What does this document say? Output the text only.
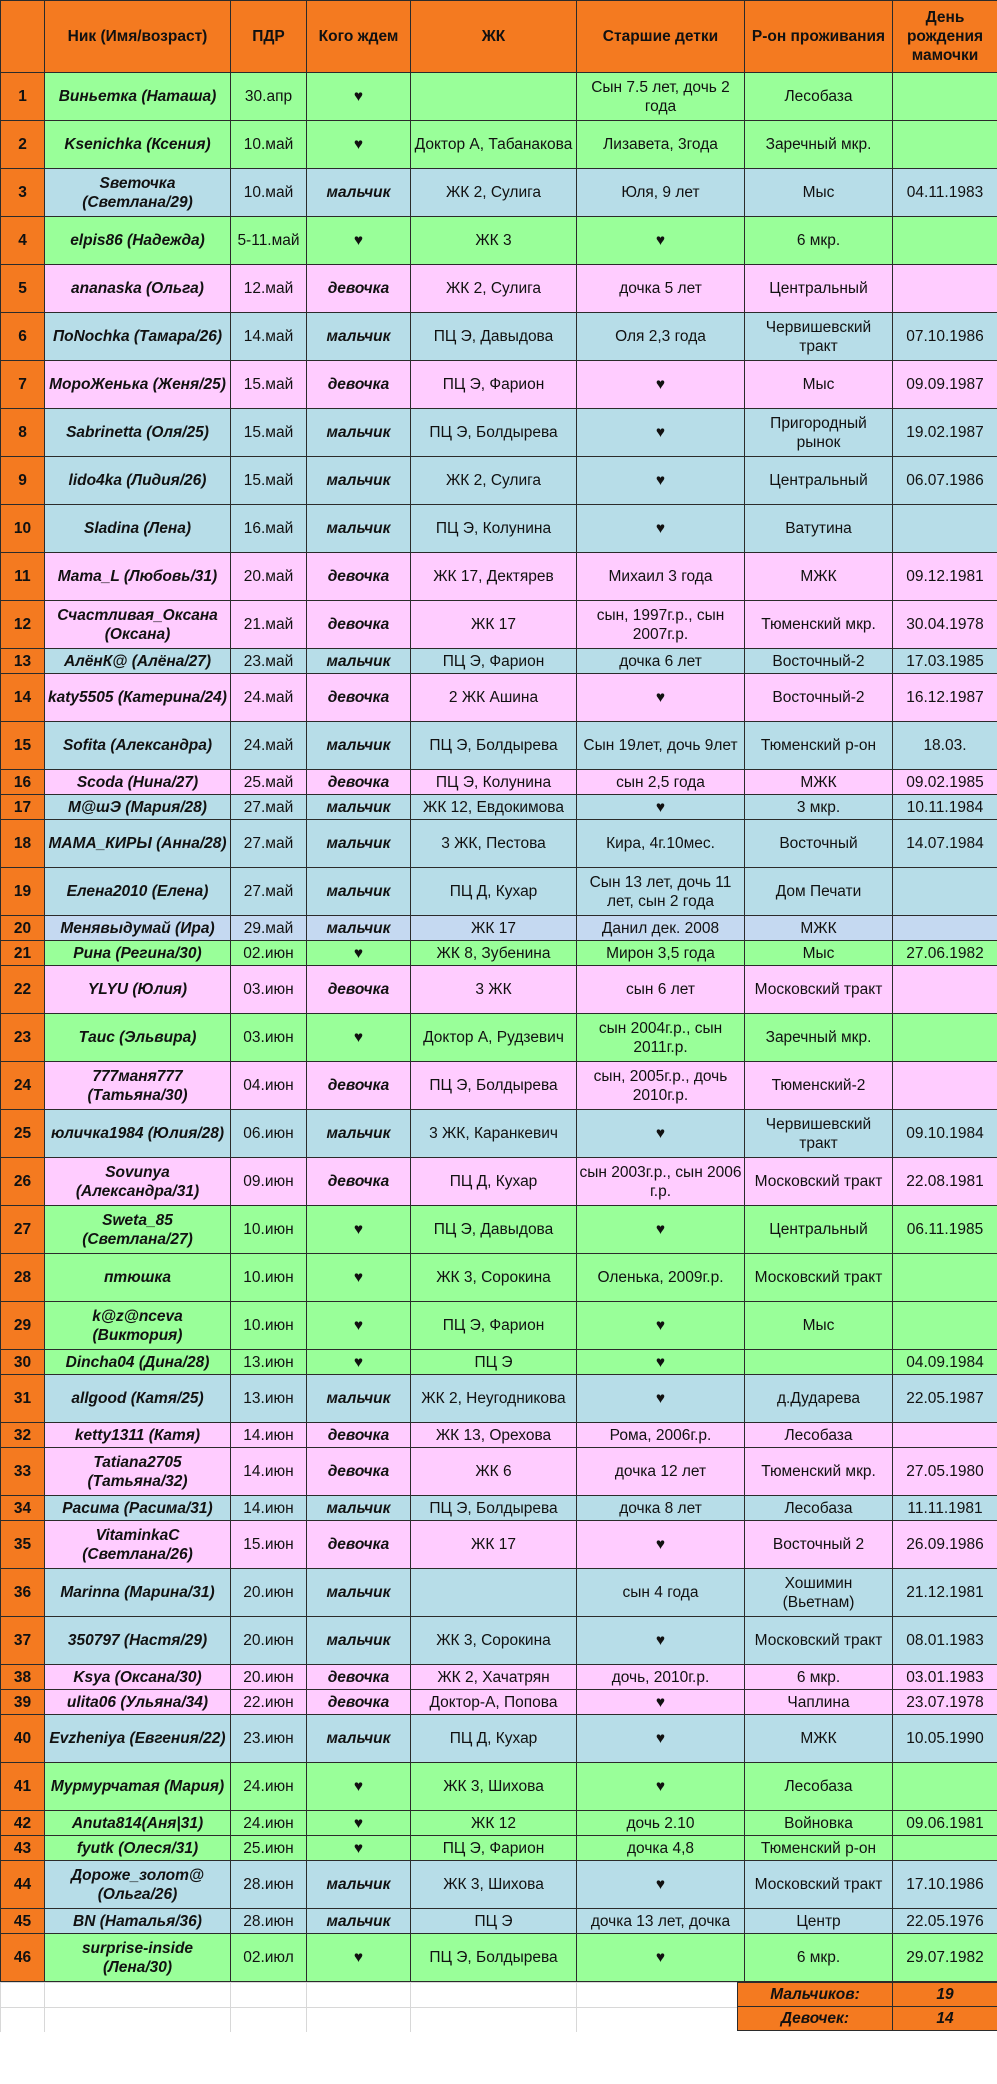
	Ник (Имя/возраст)	ПДР	Кого ждем	ЖК	Старшие детки	Р-он проживания	День рождения мамочки
1	Виньетка (Наташа)	30.апр	♥		Сын 7.5 лет, дочь 2 года	Лесобаза	
2	Ksenichka (Ксения)	10.май	♥	Доктор А, Табанакова	Лизавета, 3года	Заречный мкр.	
3	Sветочка (Светлана/29)	10.май	мальчик	ЖК 2, Сулига	Юля, 9 лет	Мыс	04.11.1983
4	elpis86 (Надежда)	5-11.май	♥	ЖК 3	♥	6 мкр.	
5	ananaska (Ольга)	12.май	девочка	ЖК 2, Сулига	дочка 5 лет	Центральный	
6	ПоNochka (Тамара/26)	14.май	мальчик	ПЦ Э, Давыдова	Оля 2,3 года	Червишевский тракт	07.10.1986
7	МороЖенька (Женя/25)	15.май	девочка	ПЦ Э, Фарион	♥	Мыс	09.09.1987
8	Sabrinetta (Оля/25)	15.май	мальчик	ПЦ Э, Болдырева	♥	Пригородный рынок	19.02.1987
9	lido4ka (Лидия/26)	15.май	мальчик	ЖК 2, Сулига	♥	Центральный	06.07.1986
10	Sladina (Лена)	16.май	мальчик	ПЦ Э, Колунина	♥	Ватутина	
11	Mama_L (Любовь/31)	20.май	девочка	ЖК 17, Дектярев	Михаил 3 года	МЖК	09.12.1981
12	Счастливая_Оксана (Оксана)	21.май	девочка	ЖК 17	сын, 1997г.р., сын 2007г.р.	Тюменский мкр.	30.04.1978
13	АлёнК@ (Алёна/27)	23.май	мальчик	ПЦ Э, Фарион	дочка 6 лет	Восточный-2	17.03.1985
14	katy5505 (Катерина/24)	24.май	девочка	2 ЖК Ашина	♥	Восточный-2	16.12.1987
15	Sofita (Александра)	24.май	мальчик	ПЦ Э, Болдырева	Сын 19лет, дочь 9лет	Тюменский р-он	18.03.
16	Scoda (Нина/27)	25.май	девочка	ПЦ Э, Колунина	сын 2,5 года	МЖК	09.02.1985
17	М@шЭ (Мария/28)	27.май	мальчик	ЖК 12, Евдокимова	♥	3 мкр.	10.11.1984
18	МАМА_КИРЫ (Анна/28)	27.май	мальчик	3 ЖК, Пестова	Кира, 4г.10мес.	Восточный	14.07.1984
19	Елена2010 (Елена)	27.май	мальчик	ПЦ Д, Кухар	Сын 13 лет, дочь 11 лет, сын 2 года	Дом Печати	
20	Менявыдумай (Ира)	29.май	мальчик	ЖК 17	Данил дек. 2008	МЖК	
21	Рина (Регина/30)	02.июн	♥	ЖК 8, Зубенина	Мирон 3,5 года	Мыс	27.06.1982
22	YLYU (Юлия)	03.июн	девочка	3 ЖК	сын 6 лет	Московский тракт	
23	Таис (Эльвира)	03.июн	♥	Доктор А, Рудзевич	сын 2004г.р., сын 2011г.р.	Заречный мкр.	
24	777маня777 (Татьяна/30)	04.июн	девочка	ПЦ Э, Болдырева	сын, 2005г.р., дочь 2010г.р.	Тюменский-2	
25	юличка1984 (Юлия/28)	06.июн	мальчик	3 ЖК, Каранкевич	♥	Червишевский тракт	09.10.1984
26	Sovunya (Александра/31)	09.июн	девочка	ПЦ Д, Кухар	сын 2003г.р., сын 2006 г.р.	Московский тракт	22.08.1981
27	Sweta_85 (Светлана/27)	10.июн	♥	ПЦ Э, Давыдова	♥	Центральный	06.11.1985
28	птюшка	10.июн	♥	ЖК 3, Сорокина	Оленька, 2009г.р.	Московский тракт	
29	k@z@nceva (Виктория)	10.июн	♥	ПЦ Э, Фарион	♥	Мыс	
30	Dincha04 (Дина/28)	13.июн	♥	ПЦ Э	♥		04.09.1984
31	allgood (Катя/25)	13.июн	мальчик	ЖК 2, Неугодникова	♥	д.Дударева	22.05.1987
32	ketty1311 (Катя)	14.июн	девочка	ЖК 13, Орехова	Рома, 2006г.р.	Лесобаза	
33	Tatiana2705 (Татьяна/32)	14.июн	девочка	ЖК 6	дочка 12 лет	Тюменский мкр.	27.05.1980
34	Расима (Расима/31)	14.июн	мальчик	ПЦ Э, Болдырева	дочка 8 лет	Лесобаза	11.11.1981
35	VitaminkaC (Светлана/26)	15.июн	девочка	ЖК 17	♥	Восточный 2	26.09.1986
36	Marinna (Марина/31)	20.июн	мальчик		сын 4 года	Хошимин (Вьетнам)	21.12.1981
37	350797 (Настя/29)	20.июн	мальчик	ЖК 3, Сорокина	♥	Московский тракт	08.01.1983
38	Ksya (Оксана/30)	20.июн	девочка	ЖК 2, Хачатрян	дочь, 2010г.р.	6 мкр.	03.01.1983
39	ulita06 (Ульяна/34)	22.июн	девочка	Доктор-А, Попова	♥	Чаплина	23.07.1978
40	Evzheniya (Евгения/22)	23.июн	мальчик	ПЦ Д, Кухар	♥	МЖК	10.05.1990
41	Мурмурчатая (Мария)	24.июн	♥	ЖК 3, Шихова	♥	Лесобаза	
42	Anuta814(Аня|31)	24.июн	♥	ЖК 12	дочь 2.10	Войновка	09.06.1981
43	fyutk (Олеся/31)	25.июн	♥	ПЦ Э, Фарион	дочка 4,8	Тюменский р-он	
44	Дороже_золот@ (Ольга/26)	28.июн	мальчик	ЖК 3, Шихова	♥	Московский тракт	17.10.1986
45	BN (Наталья/36)	28.июн	мальчик	ПЦ Э	дочка 13 лет, дочка	Центр	22.05.1976
46	surprise-inside (Лена/30)	02.июл	♥	ПЦ Э, Болдырева	♥	6 мкр.	29.07.1982
Мальчиков:	19
Девочек:	14
